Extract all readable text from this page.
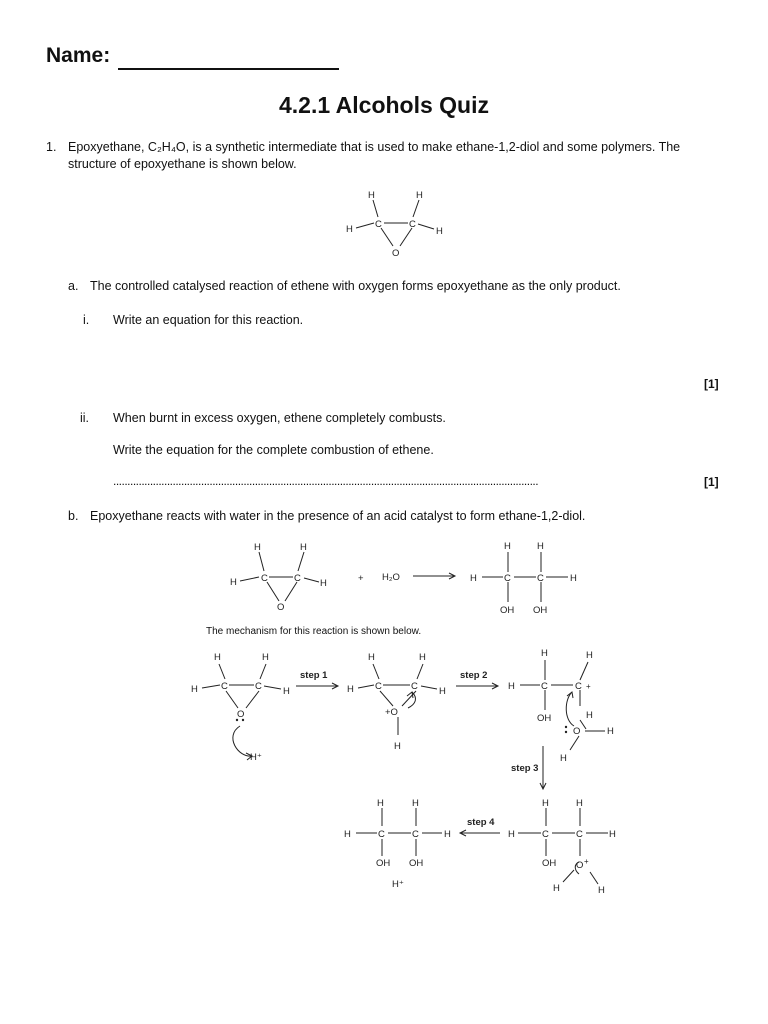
Name:
4.2.1 Alcohols Quiz
1. Epoxyethane, C₂H₄O, is a synthetic intermediate that is used to make ethane-1,2-diol and some polymers. The
structure of epoxyethane is shown below.
H	H
C	C
H	H
O
a. The controlled catalysed reaction of ethene with oxygen forms epoxyethane as the only product.
i. Write an equation for this reaction.
[1]
ii. When burnt in excess oxygen, ethene completely combusts.
Write the equation for the complete combustion of ethene.
......................................................................................................................................................	[1]
b. Epoxyethane reacts with water in the presence of an acid catalyst to form ethane-1,2-diol.
H	H
C	C
H	H
O
+ H₂O
H	H
H	C	C	H
OH OH
The mechanism for this reaction is shown below.
H	H
C	C
H	H
O
H⁺
H	H
C	C
H	H
+O
H
H	H
H	C	C +
OH	H
O	H
H
H	H
H	C	C	H
OH O +
H	H
H	H
H	C	C	H
OH OH
H⁺
step 1	step 2
step 3
step 4
